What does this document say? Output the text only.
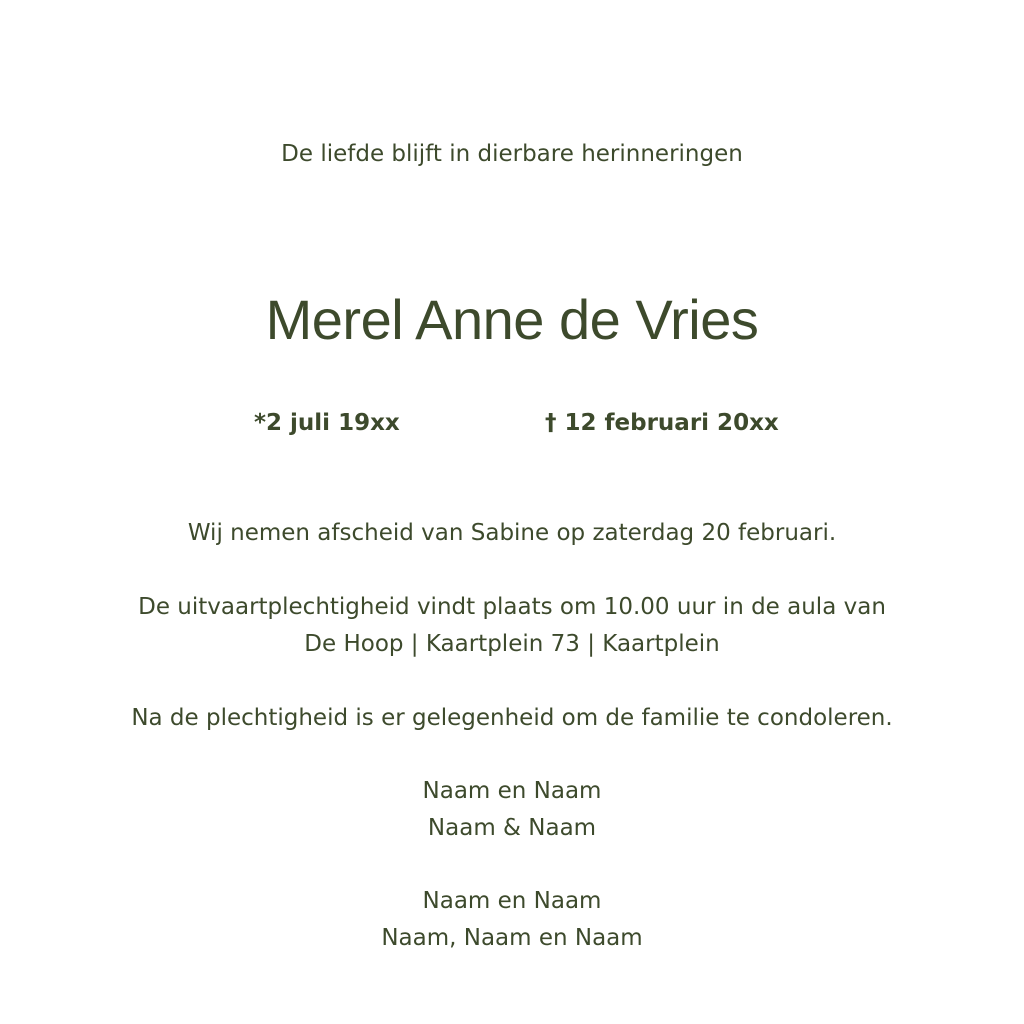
De liefde blijft in dierbare herinneringen
Merel Anne de Vries
*2 juli 19xx	† 12 februari 20xx
Wij nemen afscheid van Sabine op zaterdag 20 februari.
De uitvaartplechtigheid vindt plaats om 10.00 uur in de aula van
De Hoop | Kaartplein 73 | Kaartplein
Na de plechtigheid is er gelegenheid om de familie te condoleren.
Naam en Naam
Naam & Naam
Naam en Naam
Naam, Naam en Naam
